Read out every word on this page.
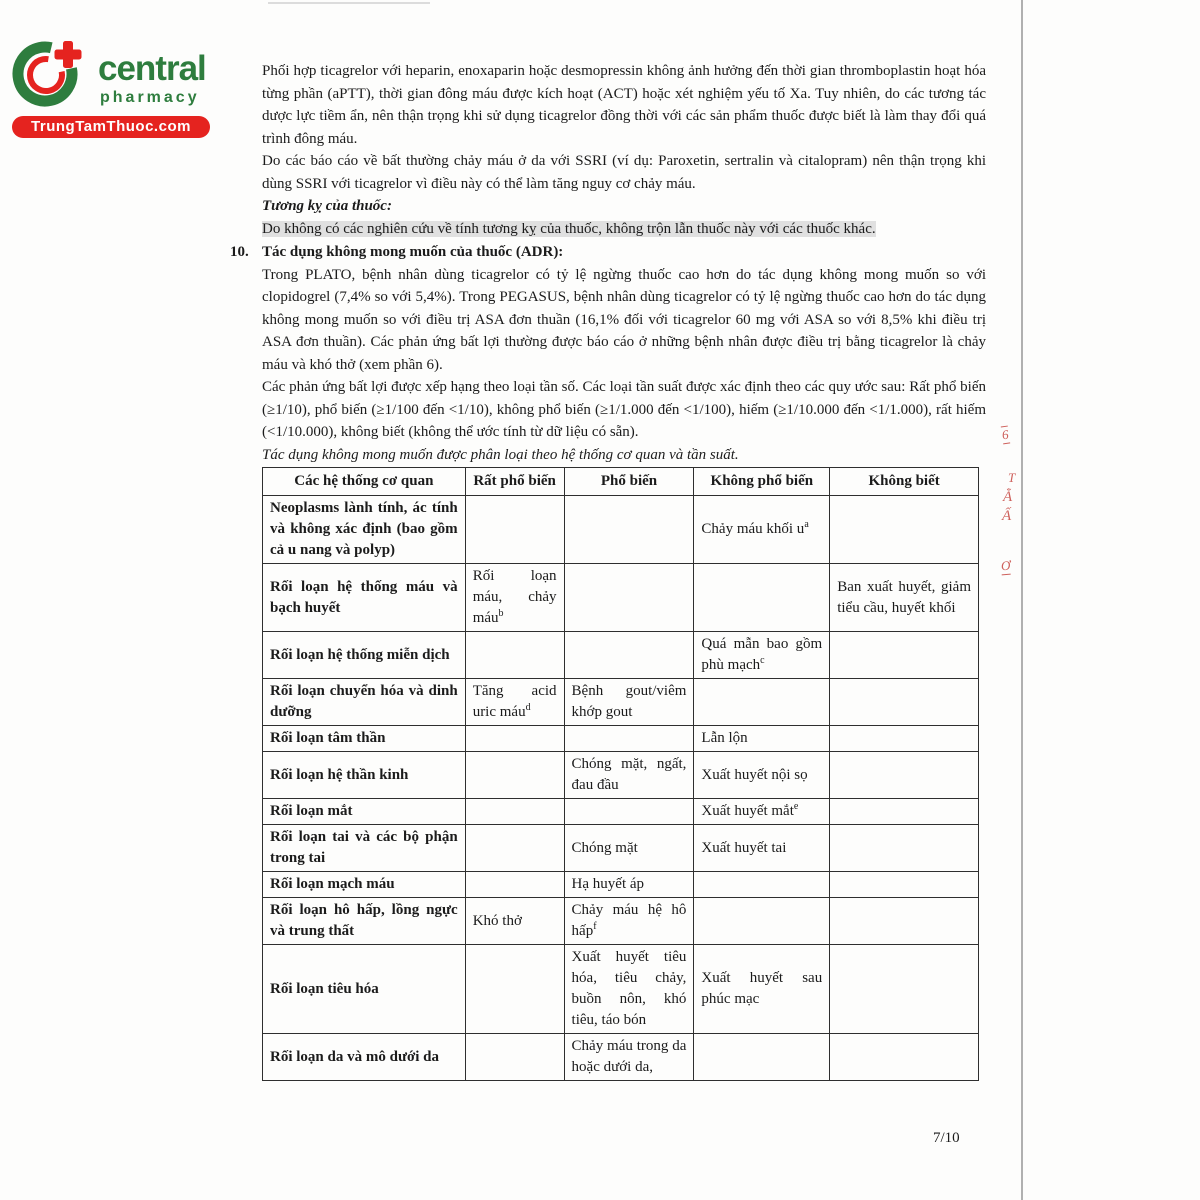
6
T
Ằ
Ấ
Ơ
central
pharmacy
TrungTamThuoc.com

Phối hợp ticagrelor với heparin, enoxaparin hoặc desmopressin không ảnh hưởng đến thời gian thromboplastin hoạt hóa từng phần (aPTT), thời gian đông máu được kích hoạt (ACT) hoặc xét nghiệm yếu tố Xa. Tuy nhiên, do các tương tác dược lực tiềm ẩn, nên thận trọng khi sử dụng ticagrelor đồng thời với các sản phẩm thuốc được biết là làm thay đổi quá trình đông máu.

Do các báo cáo về bất thường chảy máu ở da với SSRI (ví dụ: Paroxetin, sertralin và citalopram) nên thận trọng khi dùng SSRI với ticagrelor vì điều này có thể làm tăng nguy cơ chảy máu.

Tương kỵ của thuốc:

Do không có các nghiên cứu về tính tương kỵ của thuốc, không trộn lẫn thuốc này với các thuốc khác.

10. Tác dụng không mong muốn của thuốc (ADR):

Trong PLATO, bệnh nhân dùng ticagrelor có tỷ lệ ngừng thuốc cao hơn do tác dụng không mong muốn so với clopidogrel (7,4% so với 5,4%). Trong PEGASUS, bệnh nhân dùng ticagrelor có tỷ lệ ngừng thuốc cao hơn do tác dụng không mong muốn so với điều trị ASA đơn thuần (16,1% đối với ticagrelor 60 mg với ASA so với 8,5% khi điều trị ASA đơn thuần). Các phản ứng bất lợi thường được báo cáo ở những bệnh nhân được điều trị bằng ticagrelor là chảy máu và khó thở (xem phần 6).

Các phản ứng bất lợi được xếp hạng theo loại tần số. Các loại tần suất được xác định theo các quy ước sau: Rất phổ biến (≥1/10), phổ biến (≥1/100 đến <1/10), không phổ biến (≥1/1.000 đến <1/100), hiếm (≥1/10.000 đến <1/1.000), rất hiếm (<1/10.000), không biết (không thể ước tính từ dữ liệu có sẵn).

Tác dụng không mong muốn được phân loại theo hệ thống cơ quan và tần suất.

Các hệ thống cơ quan	Rất phổ biến	Phổ biến	Không phổ biến	Không biết
Neoplasms lành tính, ác tính và không xác định (bao gồm cả u nang và polyp)			Chảy máu khối $u^a$	
Rối loạn hệ thống máu và bạch huyết	Rối loạn máu, chảy máu$^b$			Ban xuất huyết, giảm tiểu cầu, huyết khối
Rối loạn hệ thống miễn dịch			Quá mẫn bao gồm phù mạch$^c$	
Rối loạn chuyển hóa và dinh dưỡng	Tăng acid uric máu$^d$	Bệnh gout/viêm khớp gout		
Rối loạn tâm thần			Lẫn lộn	
Rối loạn hệ thần kinh		Chóng mặt, ngất, đau đầu	Xuất huyết nội sọ	
Rối loạn mắt			Xuất huyết mắt$^e$	
Rối loạn tai và các bộ phận trong tai		Chóng mặt	Xuất huyết tai	
Rối loạn mạch máu		Hạ huyết áp		
Rối loạn hô hấp, lồng ngực và trung thất	Khó thở	Chảy máu hệ hô hấp$^f$		
Rối loạn tiêu hóa		Xuất huyết tiêu hóa, tiêu chảy, buồn nôn, khó tiêu, táo bón	Xuất huyết sau phúc mạc	
Rối loạn da và mô dưới da		Chảy máu trong da hoặc dưới da,		
7/10
